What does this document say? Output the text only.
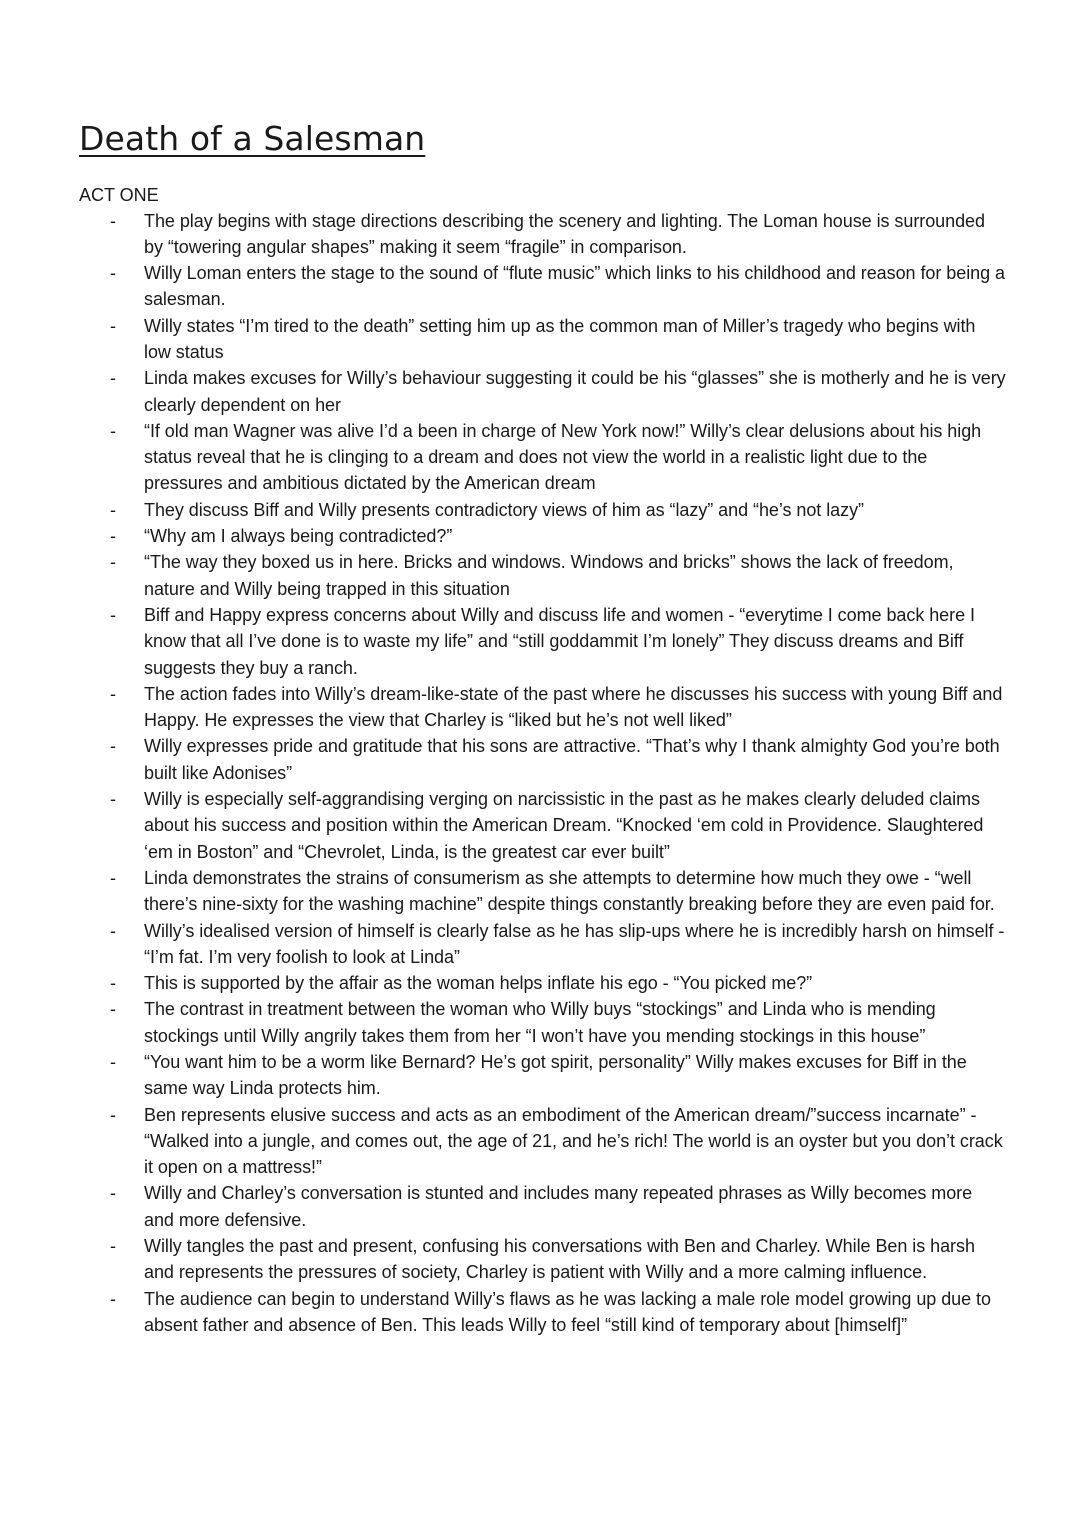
Death of a Salesman
ACT ONE
- The play begins with stage directions describing the scenery and lighting. The Loman house is surrounded by “towering angular shapes” making it seem “fragile” in comparison.
- Willy Loman enters the stage to the sound of “flute music” which links to his childhood and reason for being a salesman.
- Willy states “I’m tired to the death” setting him up as the common man of Miller’s tragedy who begins with low status
- Linda makes excuses for Willy’s behaviour suggesting it could be his “glasses” she is motherly and he is very clearly dependent on her
- “If old man Wagner was alive I’d a been in charge of New York now!” Willy’s clear delusions about his high status reveal that he is clinging to a dream and does not view the world in a realistic light due to the pressures and ambitious dictated by the American dream
- They discuss Biff and Willy presents contradictory views of him as “lazy” and “he’s not lazy”
- “Why am I always being contradicted?”
- “The way they boxed us in here. Bricks and windows. Windows and bricks” shows the lack of freedom, nature and Willy being trapped in this situation
- Biff and Happy express concerns about Willy and discuss life and women - “everytime I come back here I know that all I’ve done is to waste my life” and “still goddammit I’m lonely” They discuss dreams and Biff suggests they buy a ranch.
- The action fades into Willy’s dream-like-state of the past where he discusses his success with young Biff and Happy. He expresses the view that Charley is “liked but he’s not well liked”
- Willy expresses pride and gratitude that his sons are attractive. “That’s why I thank almighty God you’re both built like Adonises”
- Willy is especially self-aggrandising verging on narcissistic in the past as he makes clearly deluded claims about his success and position within the American Dream. “Knocked ‘em cold in Providence. Slaughtered ‘em in Boston” and “Chevrolet, Linda, is the greatest car ever built”
- Linda demonstrates the strains of consumerism as she attempts to determine how much they owe - “well there’s nine-sixty for the washing machine” despite things constantly breaking before they are even paid for.
- Willy’s idealised version of himself is clearly false as he has slip-ups where he is incredibly harsh on himself - “I’m fat. I’m very foolish to look at Linda”
- This is supported by the affair as the woman helps inflate his ego - “You picked me?”
- The contrast in treatment between the woman who Willy buys “stockings” and Linda who is mending stockings until Willy angrily takes them from her “I won’t have you mending stockings in this house”
- “You want him to be a worm like Bernard? He’s got spirit, personality” Willy makes excuses for Biff in the same way Linda protects him.
- Ben represents elusive success and acts as an embodiment of the American dream/”success incarnate” - “Walked into a jungle, and comes out, the age of 21, and he’s rich! The world is an oyster but you don’t crack it open on a mattress!”
- Willy and Charley’s conversation is stunted and includes many repeated phrases as Willy becomes more and more defensive.
- Willy tangles the past and present, confusing his conversations with Ben and Charley. While Ben is harsh and represents the pressures of society, Charley is patient with Willy and a more calming influence.
- The audience can begin to understand Willy’s flaws as he was lacking a male role model growing up due to absent father and absence of Ben. This leads Willy to feel “still kind of temporary about [himself]”
